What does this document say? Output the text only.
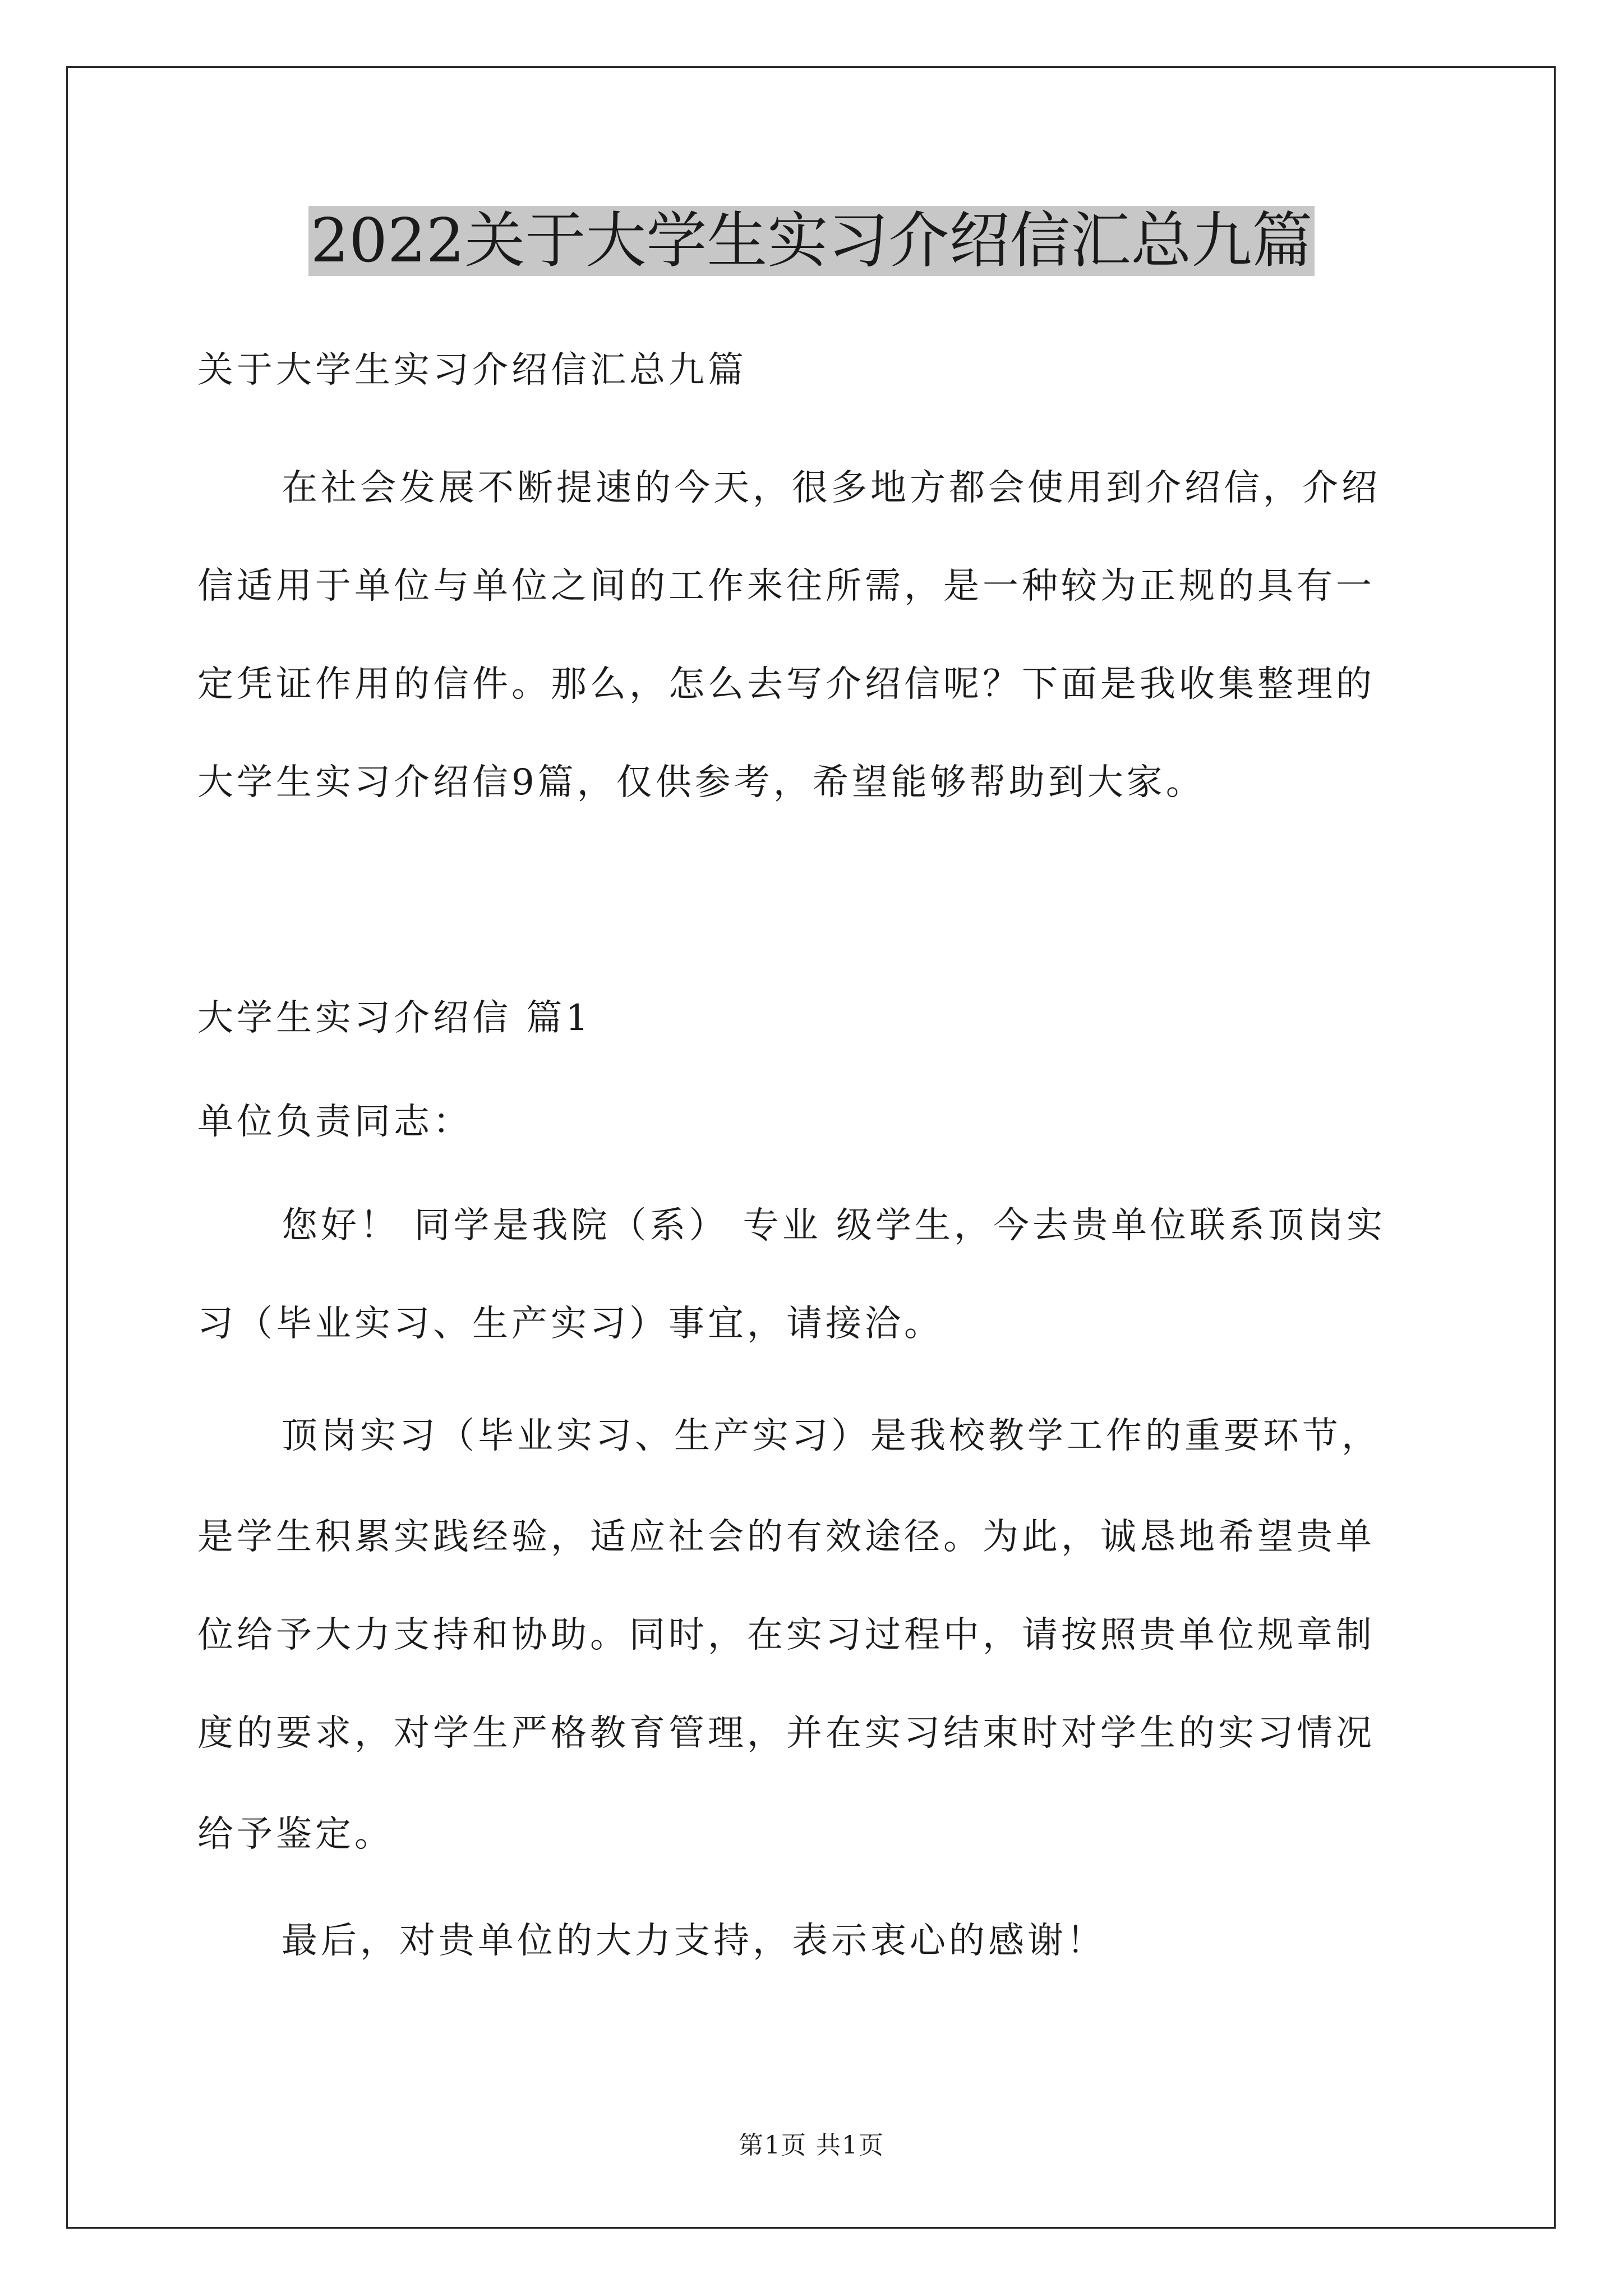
2022关于大学生实习介绍信汇总九篇

关于大学生实习介绍信汇总九篇

在社会发展不断提速的今天，很多地方都会使用到介绍信，介绍

信适用于单位与单位之间的工作来往所需，是一种较为正规的具有一

定凭证作用的信件。那么，怎么去写介绍信呢？下面是我收集整理的

大学生实习介绍信9篇，仅供参考，希望能够帮助到大家。

大学生实习介绍信 篇1

单位负责同志：

您好！ 同学是我院（系） 专业 级学生，今去贵单位联系顶岗实

习（毕业实习、生产实习）事宜，请接洽。

顶岗实习（毕业实习、生产实习）是我校教学工作的重要环节，

是学生积累实践经验，适应社会的有效途径。为此，诚恳地希望贵单

位给予大力支持和协助。同时，在实习过程中，请按照贵单位规章制

度的要求，对学生严格教育管理，并在实习结束时对学生的实习情况

给予鉴定。

最后，对贵单位的大力支持，表示衷心的感谢！

第1页 共1页
